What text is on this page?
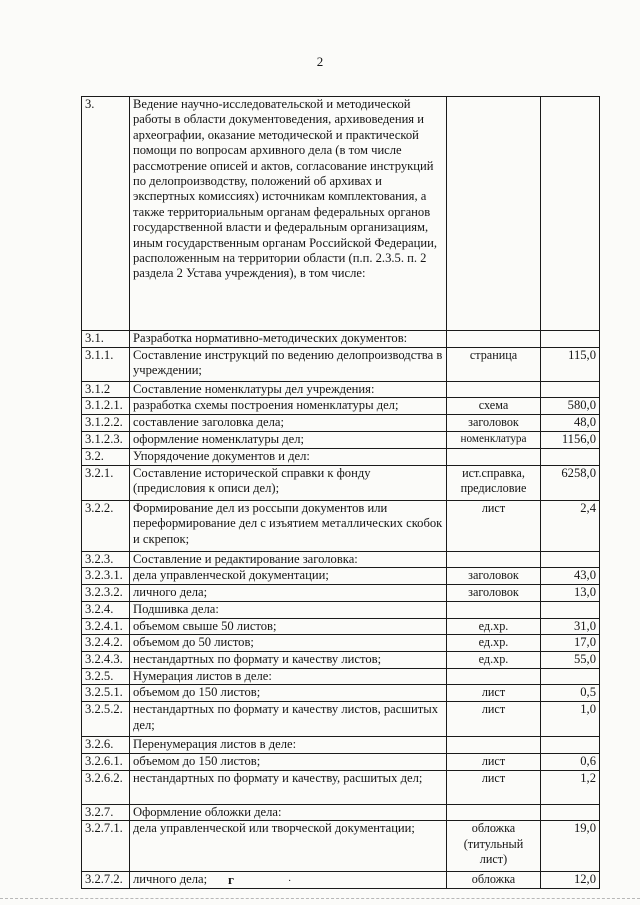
2
3.	Ведение научно-исследовательской и методической работы в области документоведения, архивоведения и археографии, оказание методической и практической помощи по вопросам архивного дела (в том числе рассмотрение описей и актов, согласование инструкций по делопроизводству, положений об архивах и экспертных комиссиях) источникам комплектования, а также территориальным органам федеральных органов государственной власти и федеральным организациям, иным государственным органам Российской Федерации, расположенным на территории области (п.п. 2.3.5. п. 2 раздела 2 Устава учреждения), в том числе:		
3.1.	Разработка нормативно-методических документов:		
3.1.1.	Составление инструкций по ведению делопроизводства в учреждении;	страница	115,0
3.1.2	Составление номенклатуры дел учреждения:		
3.1.2.1.	разработка схемы построения номенклатуры дел;	схема	580,0
3.1.2.2.	составление заголовка дела;	заголовок	48,0
3.1.2.3.	оформление номенклатуры дел;	номенклатура	1156,0
3.2.	Упорядочение документов и дел:		
3.2.1.	Составление исторической справки к фонду (предисловия к описи дел);	ист.справка, предисловие	6258,0
3.2.2.	Формирование дел из россыпи документов или переформирование дел с изъятием металлических скобок и скрепок;	лист	2,4
3.2.3.	Составление и редактирование заголовка:		
3.2.3.1.	дела управленческой документации;	заголовок	43,0
3.2.3.2.	личного дела;	заголовок	13,0
3.2.4.	Подшивка дела:		
3.2.4.1.	объемом свыше 50 листов;	ед.хр.	31,0
3.2.4.2.	объемом до 50 листов;	ед.хр.	17,0
3.2.4.3.	нестандартных по формату и качеству листов;	ед.хр.	55,0
3.2.5.	Нумерация листов в деле:		
3.2.5.1.	объемом до 150 листов;	лист	0,5
3.2.5.2.	нестандартных по формату и качеству листов, расшитых дел;	лист	1,0
3.2.6.	Перенумерация листов в деле:		
3.2.6.1.	объемом до 150 листов;	лист	0,6
3.2.6.2.	нестандартных по формату и качеству, расшитых дел;	лист	1,2
3.2.7.	Оформление обложки дела:		
3.2.7.1.	дела управленческой или творческой документации;	обложка (титульный лист)	19,0
3.2.7.2.	личного дела;	обложка	12,0
г	·
